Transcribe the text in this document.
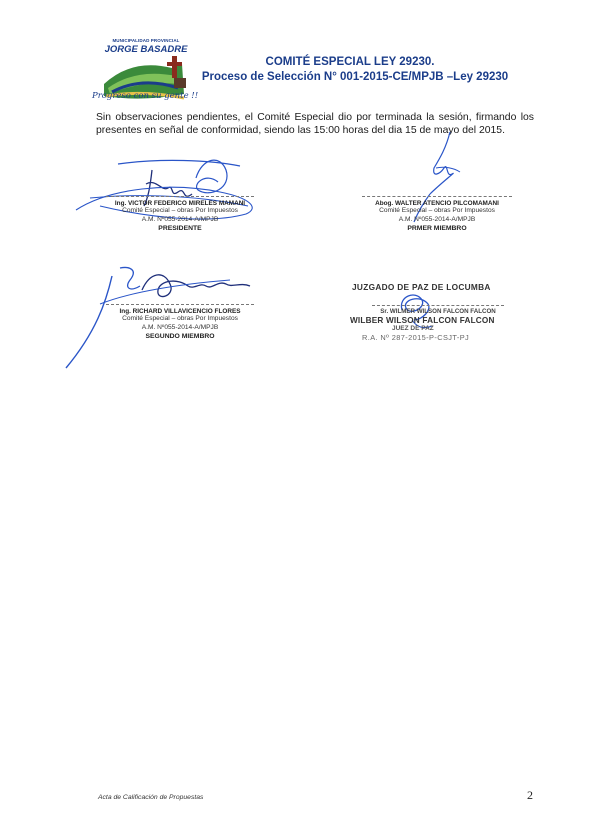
MUNICIPALIDAD PROVINCIAL
JORGE BASADRE
Progreso con su gente !!
COMITÉ ESPECIAL LEY 29230.
Proceso de Selección N° 001-2015-CE/MPJB –Ley 29230
Sin observaciones pendientes, el Comité Especial dio por terminada la sesión, firmando los presentes en señal de conformidad, siendo las 15:00 horas del dia 15 de mayo del 2015.
Ing. VICTOR FEDERICO MIRELES MAMANI
Comité Especial – obras Por Impuestos
A.M. Nº055-2014-A/MPJB
PRESIDENTE
Abog. WALTER ATENCIO PILCOMAMANI
Comité Especial – obras Por Impuestos
A.M. Nº055-2014-A/MPJB
PRMER MIEMBRO
Ing. RICHARD VILLAVICENCIO FLORES
Comité Especial – obras Por Impuestos
A.M. Nº055-2014-A/MPJB
SEGUNDO MIEMBRO
JUZGADO DE PAZ DE LOCUMBA
Sr. WILMER WILSON FALCON FALCON
WILBER WILSON FALCON FALCON
JUEZ DE PAZ
R.A. Nº 287-2015-P-CSJT-PJ
Acta de Calificación de Propuestas	2
